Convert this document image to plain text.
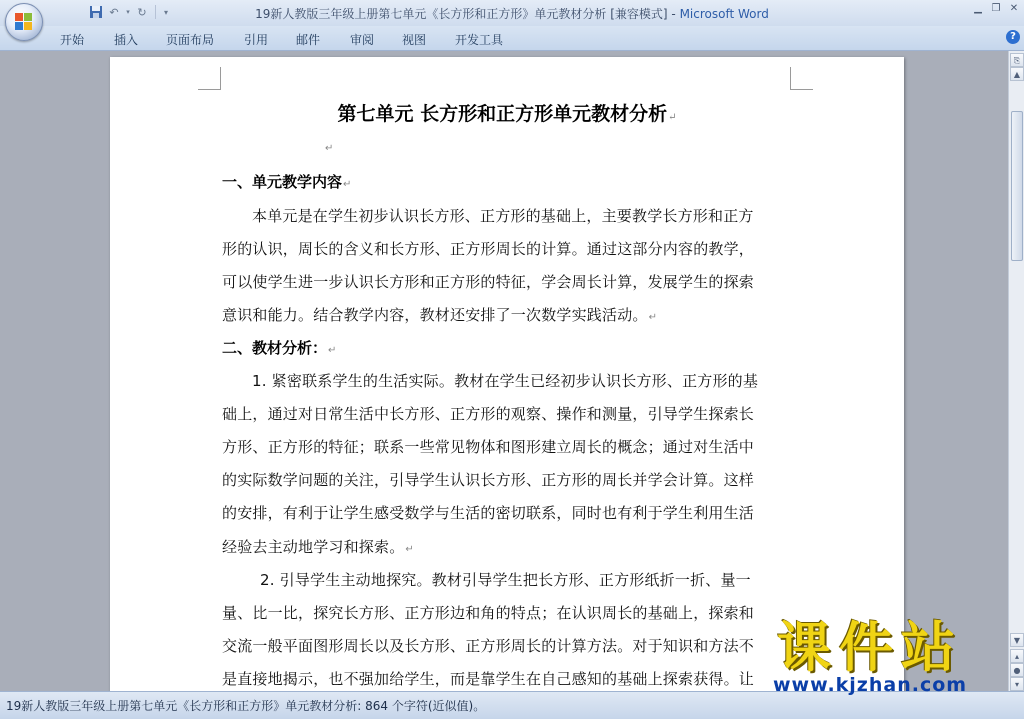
↶	▾ ↻	▾	19新人教版三年级上册第七单元《长方形和正方形》单元教材分析 [兼容模式] - Microsoft Word	▁ ❐ ✕
开始 插入 页面布局 引用 邮件 审阅 视图 开发工具	?
第七单元 长方形和正方形单元教材分析↵
↵
一、单元教学内容↵
本单元是在学生初步认识长方形、正方形的基础上，主要教学长方形和正方
形的认识，周长的含义和长方形、正方形周长的计算。通过这部分内容的教学，
可以使学生进一步认识长方形和正方形的特征，学会周长计算，发展学生的探索
意识和能力。结合教学内容，教材还安排了一次数学实践活动。↵
二、教材分析：↵
1. 紧密联系学生的生活实际。教材在学生已经初步认识长方形、正方形的基
础上，通过对日常生活中长方形、正方形的观察、操作和测量，引导学生探索长
方形、正方形的特征；联系一些常见物体和图形建立周长的概念；通过对生活中
的实际数学问题的关注，引导学生认识长方形、正方形的周长并学会计算。这样
的安排，有利于让学生感受数学与生活的密切联系，同时也有利于学生利用生活
经验去主动地学习和探索。↵
2. 引导学生主动地探究。教材引导学生把长方形、正方形纸折一折、量一
量、比一比，探究长方形、正方形边和角的特点；在认识周长的基础上，探索和
交流一般平面图形周长以及长方形、正方形周长的计算方法。对于知识和方法不
是直接地揭示，也不强加给学生，而是靠学生在自己感知的基础上探索获得。让
⎘
▲
▼
▴
●
▾
课件站
www.kjzhan.com
19新人教版三年级上册第七单元《长方形和正方形》单元教材分析: 864 个字符(近似值)。
